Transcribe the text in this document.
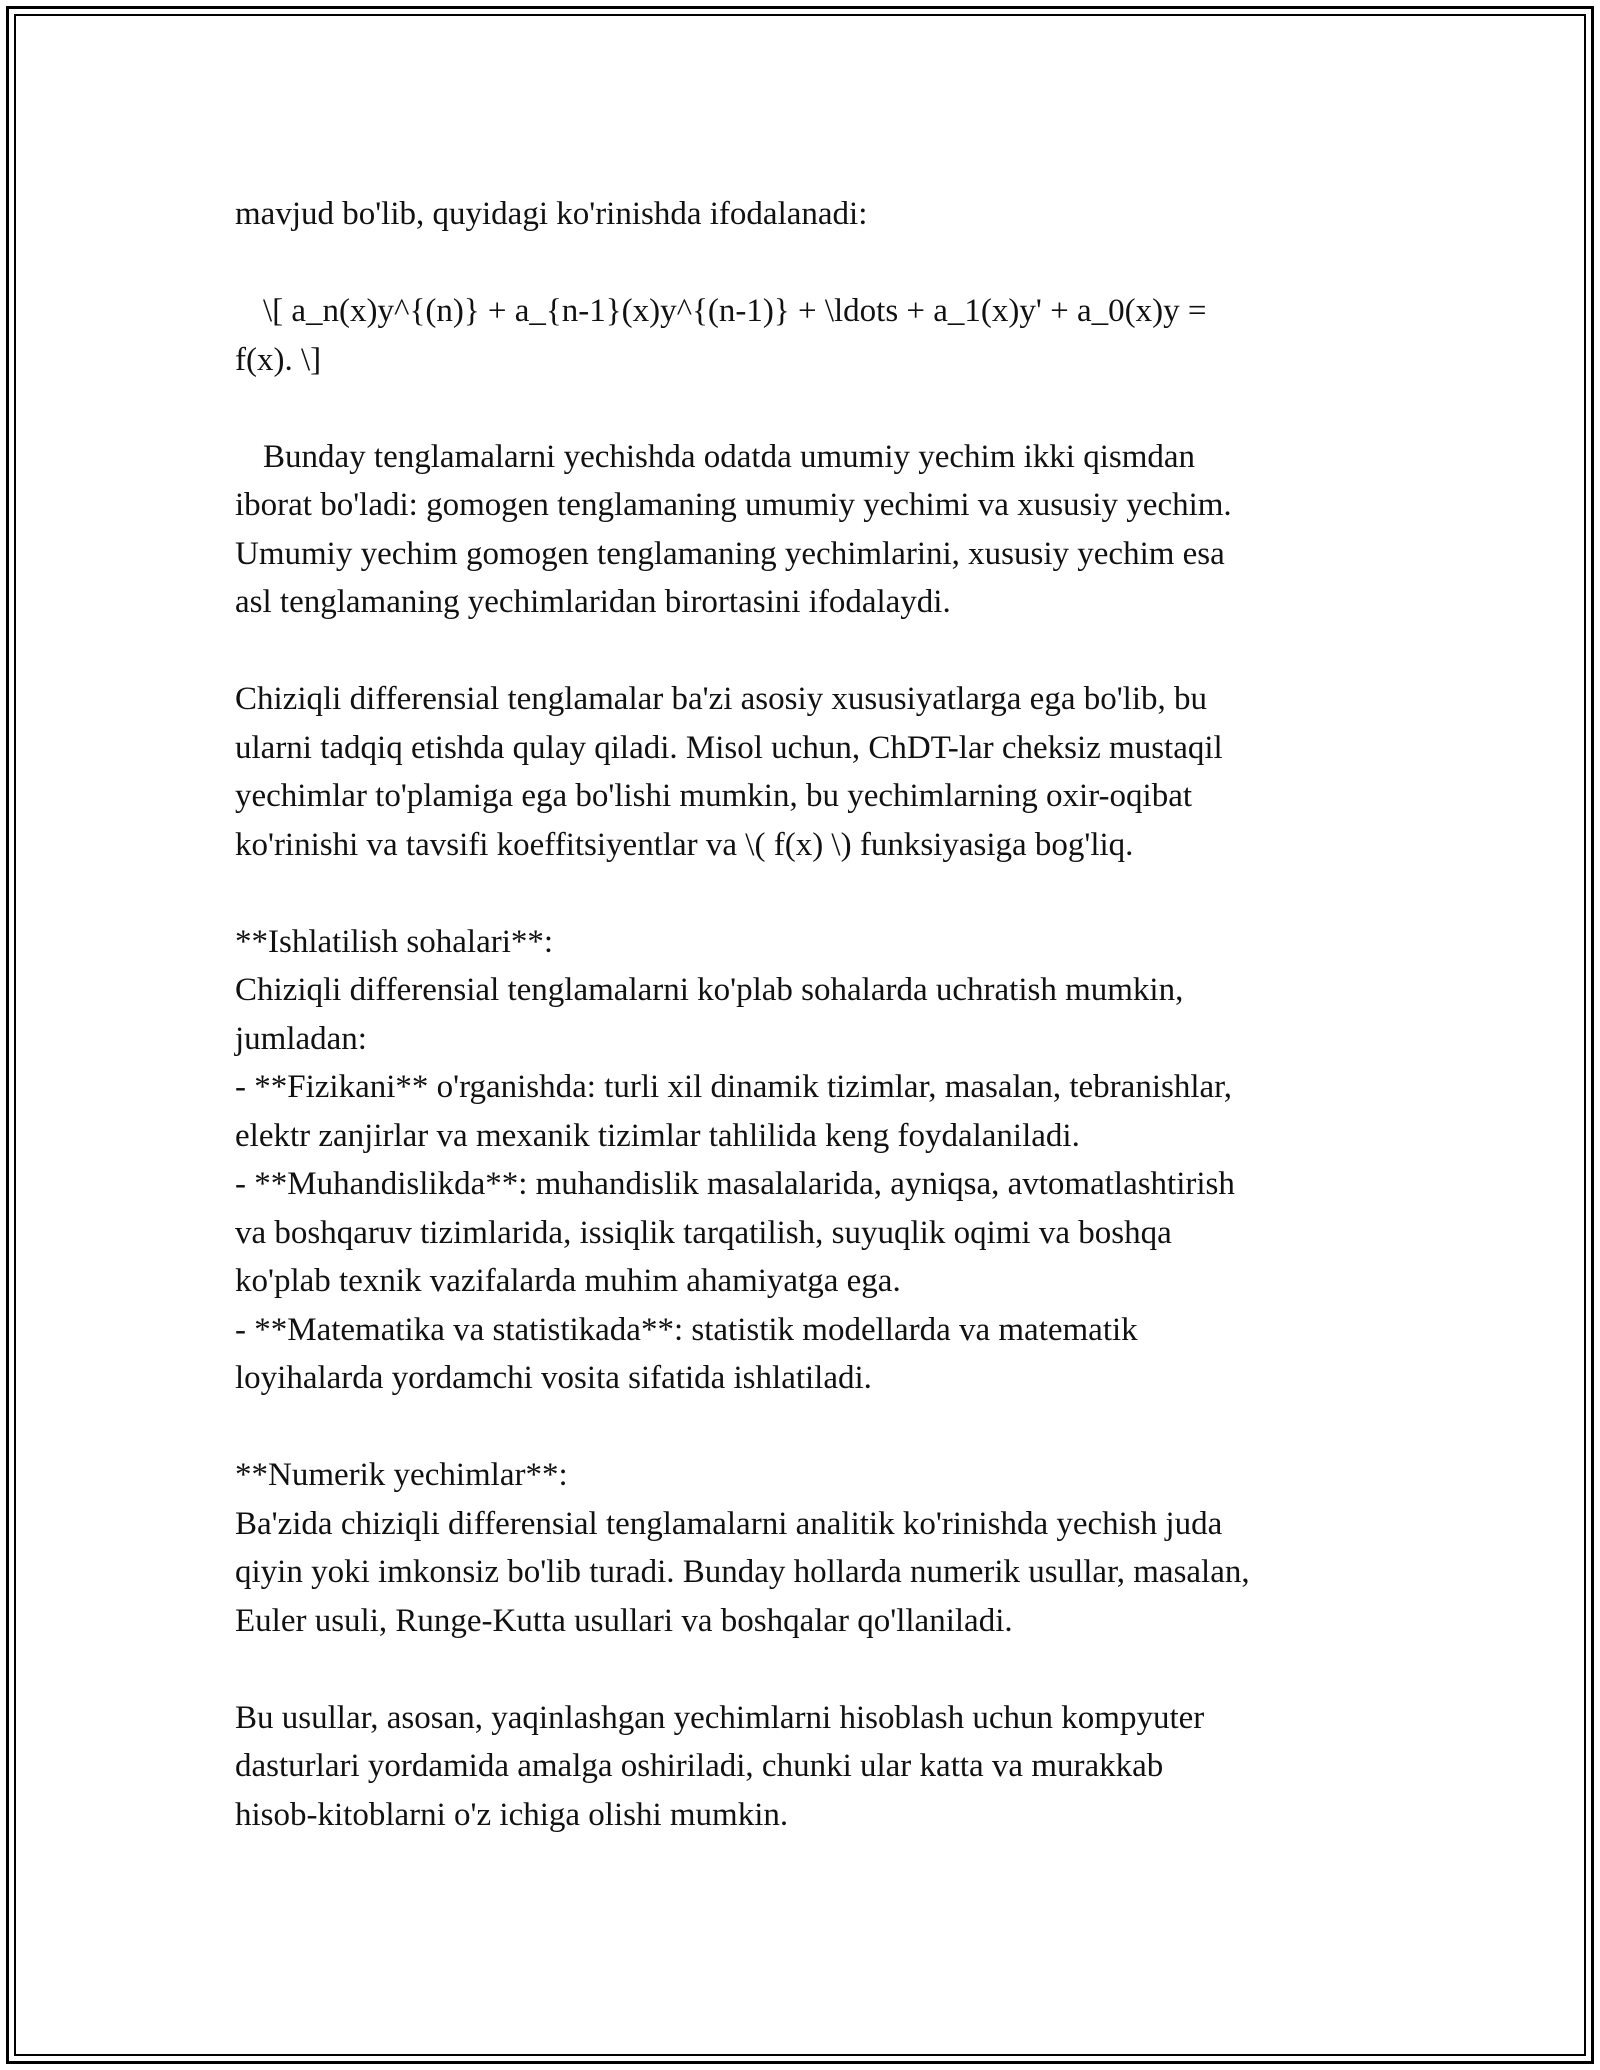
mavjud bo'lib, quyidagi ko'rinishda ifodalanadi:

\[ a_n(x)y^{(n)} + a_{n-1}(x)y^{(n-1)} + \ldots + a_1(x)y' + a_0(x)y =
f(x). \]

Bunday tenglamalarni yechishda odatda umumiy yechim ikki qismdan
iborat bo'ladi: gomogen tenglamaning umumiy yechimi va xususiy yechim.
Umumiy yechim gomogen tenglamaning yechimlarini, xususiy yechim esa
asl tenglamaning yechimlaridan birortasini ifodalaydi.

Chiziqli differensial tenglamalar ba'zi asosiy xususiyatlarga ega bo'lib, bu
ularni tadqiq etishda qulay qiladi. Misol uchun, ChDT-lar cheksiz mustaqil
yechimlar to'plamiga ega bo'lishi mumkin, bu yechimlarning oxir-oqibat
ko'rinishi va tavsifi koeffitsiyentlar va \( f(x) \) funksiyasiga bog'liq.

**Ishlatilish sohalari**:
Chiziqli differensial tenglamalarni ko'plab sohalarda uchratish mumkin,
jumladan:
- **Fizikani** o'rganishda: turli xil dinamik tizimlar, masalan, tebranishlar,
elektr zanjirlar va mexanik tizimlar tahlilida keng foydalaniladi.
- **Muhandislikda**: muhandislik masalalarida, ayniqsa, avtomatlashtirish
va boshqaruv tizimlarida, issiqlik tarqatilish, suyuqlik oqimi va boshqa
ko'plab texnik vazifalarda muhim ahamiyatga ega.
- **Matematika va statistikada**: statistik modellarda va matematik
loyihalarda yordamchi vosita sifatida ishlatiladi.

**Numerik yechimlar**:
Ba'zida chiziqli differensial tenglamalarni analitik ko'rinishda yechish juda
qiyin yoki imkonsiz bo'lib turadi. Bunday hollarda numerik usullar, masalan,
Euler usuli, Runge-Kutta usullari va boshqalar qo'llaniladi.

Bu usullar, asosan, yaqinlashgan yechimlarni hisoblash uchun kompyuter
dasturlari yordamida amalga oshiriladi, chunki ular katta va murakkab
hisob-kitoblarni o'z ichiga olishi mumkin.
